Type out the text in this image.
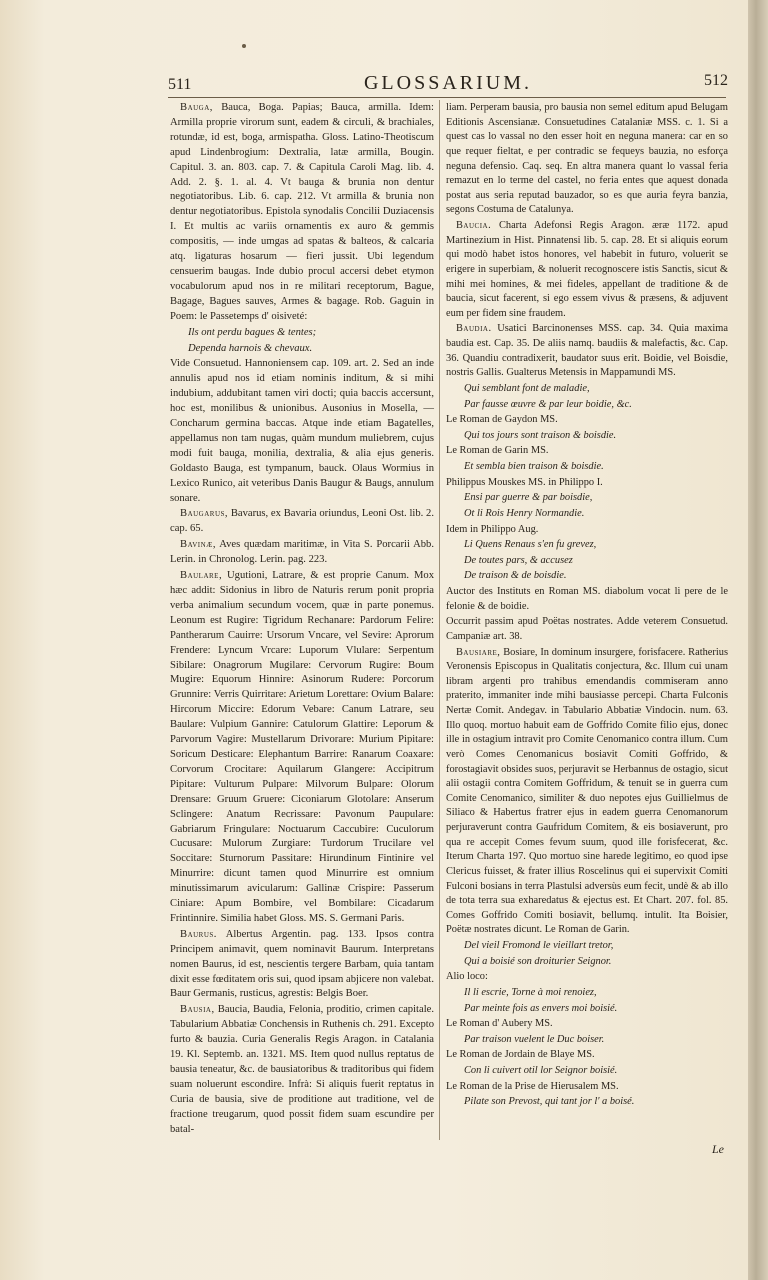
511	GLOSSARIUM.	512

Bauga, Bauca, Boga. Papias; Bauca, armilla. Idem: Armilla proprie virorum sunt, eadem & circuli, & brachiales, rotundæ, id est, boga, armispatha. Gloss. Latino-Theotiscum apud Lindenbrogium: Dextralia, latæ armilla, Bougin. Capitul. 3. an. 803. cap. 7. & Capitula Caroli Mag. lib. 4. Add. 2. §. 1. al. 4. Vt bauga & brunia non dentur negotiatoribus. Lib. 6. cap. 212. Vt armilla & brunia non dentur negotiatoribus. Epistola synodalis Concilii Duziacensis I. Et multis ac variis ornamentis ex auro & gemmis compositis, — inde umgas ad spatas & balteos, & calcaria atq. ligaturas hosarum — fieri jussit. Ubi legendum censuerim baugas. Inde dubio procul accersi debet etymon vocabulorum apud nos in re militari receptorum, Bague, Bagage, Bagues sauves, Armes & bagage. Rob. Gaguin in Poem: le Passetemps d' oisiveté:

Ils ont perdu bagues & tentes;

Dependa harnois & chevaux.

Vide Consuetud. Hannoniensem cap. 109. art. 2. Sed an inde annulis apud nos id etiam nominis inditum, & si mihi indubium, addubitant tamen viri docti; quia baccis accersunt, hoc est, monilibus & unionibus. Ausonius in Mosella, — Concharum germina baccas. Atque inde etiam Bagatelles, appellamus non tam nugas, quàm mundum muliebrem, cujus modi fuit bauga, monilia, dextralia, & alia ejus generis. Goldasto Bauga, est tympanum, bauck. Olaus Wormius in Lexico Runico, ait veteribus Danis Baugur & Baugs, annulum sonare.

Baugarus, Bavarus, ex Bavaria oriundus, Leoni Ost. lib. 2. cap. 65.

Bavinæ, Aves quædam maritimæ, in Vita S. Porcarii Abb. Lerin. in Chronolog. Lerin. pag. 223.

Baulare, Ugutioni, Latrare, & est proprie Canum. Mox hæc addit: Sidonius in libro de Naturis rerum ponit propria verba animalium secundum vocem, quæ in parte ponemus. Leonum est Rugire: Tigridum Rechanare: Pardorum Felire: Pantherarum Cauirre: Ursorum Vncare, vel Sevire: Aprorum Frendere: Lyncum Vrcare: Luporum Vlulare: Serpentum Sibilare: Onagrorum Mugilare: Cervorum Rugire: Boum Mugire: Equorum Hinnire: Asinorum Rudere: Porcorum Grunnire: Verris Quirritare: Arietum Lorettare: Ovium Balare: Hircorum Miccire: Edorum Vebare: Canum Latrare, seu Baulare: Vulpium Gannire: Catulorum Glattire: Leporum & Parvorum Vagire: Mustellarum Drivorare: Murium Pipitare: Soricum Desticare: Elephantum Barrire: Ranarum Coaxare: Corvorum Crocitare: Aquilarum Glangere: Accipitrum Pipitare: Vulturum Pulpare: Milvorum Bulpare: Olorum Drensare: Gruum Gruere: Ciconiarum Glotolare: Anserum Sclingere: Anatum Recrissare: Pavonum Paupulare: Gabriarum Fringulare: Noctuarum Caccubire: Cuculorum Cucusare: Mulorum Zurgiare: Turdorum Trucilare vel Soccitare: Sturnorum Passitare: Hirundinum Fintinire vel Minurrire: dicunt tamen quod Minurrire est omnium minutissimarum avicularum: Gallinæ Crispire: Passerum Ciniare: Apum Bombire, vel Bombilare: Cicadarum Frintinnire. Similia habet Gloss. MS. S. Germani Paris.

Baurus. Albertus Argentin. pag. 133. Ipsos contra Principem animavit, quem nominavit Baurum. Interpretans nomen Baurus, id est, nescientis tergere Barbam, quia tantam dixit esse fœditatem oris sui, quod ipsam abjicere non valebat. Baur Germanis, rusticus, agrestis: Belgis Boer.

Bausia, Baucia, Baudia, Felonia, proditio, crimen capitale. Tabularium Abbatiæ Conchensis in Ruthenis ch. 291. Excepto furto & bauzia. Curia Generalis Regis Aragon. in Catalania 19. Kl. Septemb. an. 1321. MS. Item quod nullus reptatus de bausia teneatur, &c. de bausiatoribus & traditoribus qui fidem suam noluerunt escondire. Infrà: Si aliquis fuerit reptatus in Curia de bausia, sive de proditione aut traditione, vel de fractione treugarum, quod possit fidem suam escundire per batal-

liam. Perperam bausia, pro bausia non semel editum apud Belugam Editionis Ascensianæ. Consuetudines Catalaniæ MSS. c. 1. Si a quest cas lo vassal no den esser hoit en neguna manera: car en so que requer fieltat, e per contradic se fequeys bauzia, no esforça neguna defensio. Caq. seq. En altra manera quant lo vassal feria remazut en lo terme del castel, no feria entes que aquest donada postat aus seria reputad bauzador, so es que auria feyra banzia, segons Costuma de Catalunya.

Baucia. Charta Adefonsi Regis Aragon. æræ 1172. apud Martinezium in Hist. Pinnatensi lib. 5. cap. 28. Et si aliquis eorum qui modò habet istos honores, vel habebit in futuro, voluerit se erigere in superbiam, & noluerit recognoscere istis Sanctis, sicut & mihi mei homines, & mei fideles, appellant de traditione & de baucia, sicut facerent, si ego essem vivus & præsens, & adjuvent eum per fidem sine fraudem.

Baudia. Usatici Barcinonenses MSS. cap. 34. Quia maxima baudia est. Cap. 35. De aliis namq. baudiis & malefactis, &c. Cap. 36. Quandiu contradixerit, baudator suus erit. Boidie, vel Boisdie, nostris Gallis. Gualterus Metensis in Mappamundi MS.

Qui semblant font de maladie,

Par fausse œuvre & par leur boidie, &c.

Le Roman de Gaydon MS.

Qui tos jours sont traison & boisdie.

Le Roman de Garin MS.

Et sembla bien traison & boisdie.

Philippus Mouskes MS. in Philippo I.

Ensi par guerre & par boisdie,

Ot li Rois Henry Normandie.

Idem in Philippo Aug.

Li Quens Renaus s'en fu grevez,

De toutes pars, & accusez

De traison & de boisdie.

Auctor des Instituts en Roman MS. diabolum vocat li pere de le felonie & de boidie.

Occurrit passim apud Poëtas nostrates. Adde veterem Consuetud. Campaniæ art. 38.

Bausiare, Bosiare, In dominum insurgere, forisfacere. Ratherius Veronensis Episcopus in Qualitatis conjectura, &c. Illum cui unam libram argenti pro trahibus emendandis commiseram anno praterito, immaniter inde mihi bausiasse percepi. Charta Fulconis Nertæ Comit. Andegav. in Tabulario Abbatiæ Vindocin. num. 63. Illo quoq. mortuo habuit eam de Goffrido Comite filio ejus, donec ille in ostagium intravit pro Comite Cenomanico contra illum. Cum verò Comes Cenomanicus bosiavit Comiti Goffrido, & forostagiavit obsides suos, perjuravit se Herbannus de ostagio, sicut alii ostagii contra Comitem Goffridum, & tenuit se in guerra cum Comite Cenomanico, similiter & duo nepotes ejus Guillielmus de Siliaco & Habertus fratrer ejus in eadem guerra Cenomanorum perjuraverunt contra Gaufridum Comitem, & eis bosiaverunt, pro qua re accepit Comes fevum suum, quod ille forisfecerat, &c. Iterum Charta 197. Quo mortuo sine harede legitimo, eo quod ipse Clericus fuisset, & frater illius Roscelinus qui ei supervixit Comiti Fulconi bosians in terra Plastulsi adversùs eum fecit, undè & ab illo de tota terra sua exharedatus & ejectus est. Et Chart. 207. fol. 85. Comes Goffrido Comiti bosiavit, bellumq. intulit. Ita Boisier, Poëtæ nostrates dicunt. Le Roman de Garin.

Del vieil Fromond le vieillart tretor,

Qui a boisié son droiturier Seignor.

Alio loco:

Il li escrie, Torne à moi renoiez,

Par meinte fois as envers moi boisié.

Le Roman d' Aubery MS.

Par traison vuelent le Duc boiser.

Le Roman de Jordain de Blaye MS.

Con li cuivert otil lor Seignor boisié.

Le Roman de la Prise de Hierusalem MS.

Pilate son Prevost, qui tant jor l' a boisé.

Le
